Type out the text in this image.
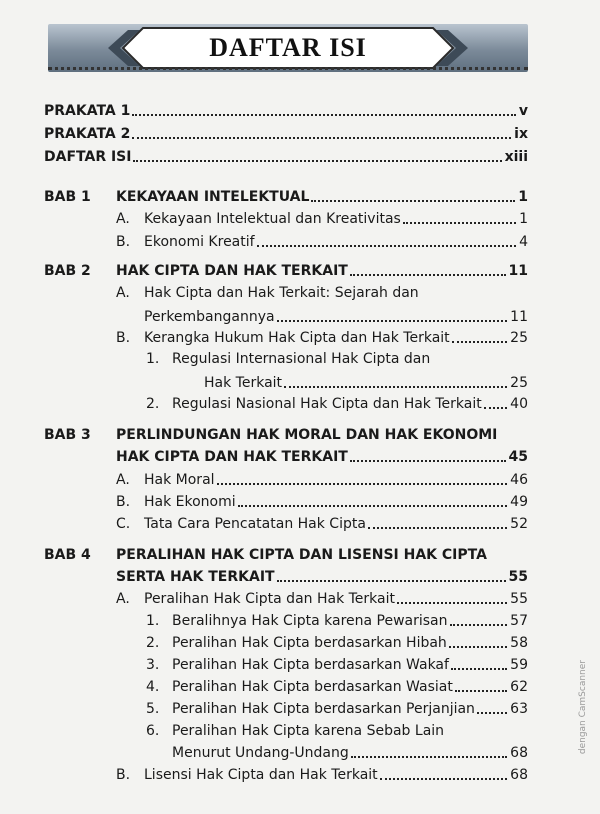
DAFTAR ISI
PRAKATA 1	v
PRAKATA 2	ix
DAFTAR ISI	xiii
BAB 1 KEKAYAAN INTELEKTUAL	1
A. Kekayaan Intelektual dan Kreativitas	1
B. Ekonomi Kreatif	4
BAB 2 HAK CIPTA DAN HAK TERKAIT	11
A. Hak Cipta dan Hak Terkait: Sejarah dan
Perkembangannya	11
B. Kerangka Hukum Hak Cipta dan Hak Terkait	25
1. Regulasi Internasional Hak Cipta dan
Hak Terkait	25
2. Regulasi Nasional Hak Cipta dan Hak Terkait 40
BAB 3 PERLINDUNGAN HAK MORAL DAN HAK EKONOMI
HAK CIPTA DAN HAK TERKAIT	45
A. Hak Moral	46
B. Hak Ekonomi	49
C. Tata Cara Pencatatan Hak Cipta	52
BAB 4 PERALIHAN HAK CIPTA DAN LISENSI HAK CIPTA
SERTA HAK TERKAIT	55
A. Peralihan Hak Cipta dan Hak Terkait	55
1. Beralihnya Hak Cipta karena Pewarisan	57
2. Peralihan Hak Cipta berdasarkan Hibah	58
3. Peralihan Hak Cipta berdasarkan Wakaf	59
4. Peralihan Hak Cipta berdasarkan Wasiat	62
5. Peralihan Hak Cipta berdasarkan Perjanjian	63
6. Peralihan Hak Cipta karena Sebab Lain
Menurut Undang-Undang	68
B. Lisensi Hak Cipta dan Hak Terkait	68
dengan CamScanner
